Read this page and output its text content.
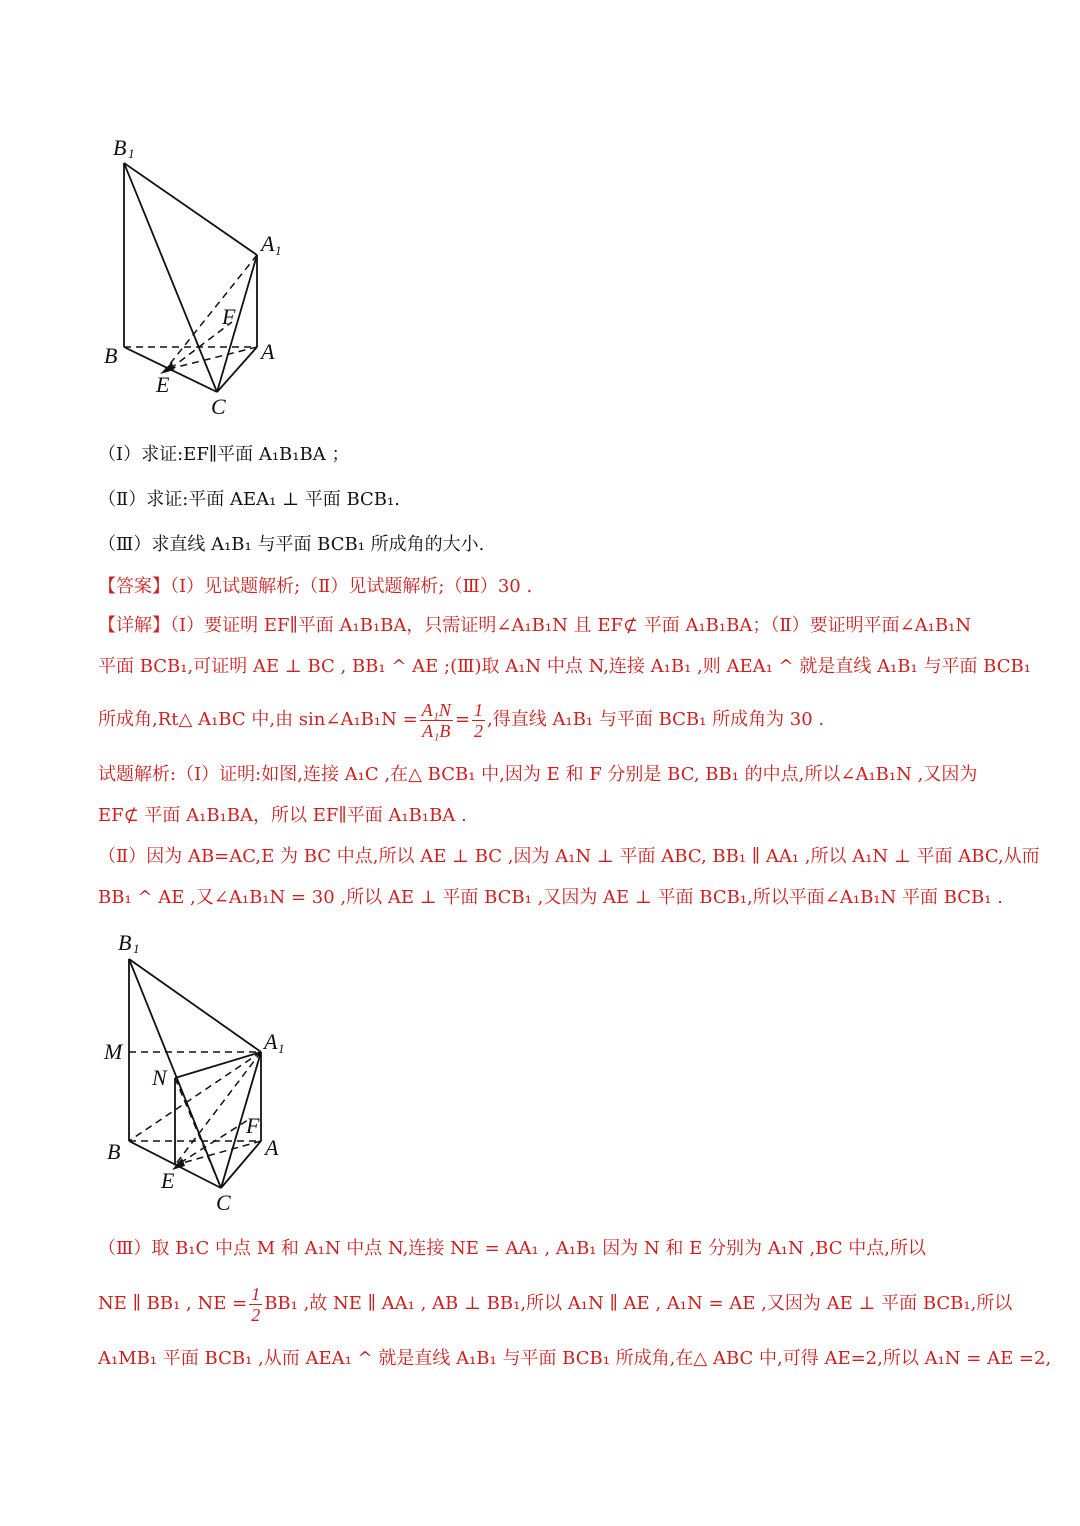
B 1
A 1
B	A
F
E
C
（Ⅰ）求证:EF∥平面 A₁B₁BA ；
（Ⅱ）求证:平面 AEA₁ ⊥ 平面 BCB₁.
（Ⅲ）求直线 A₁B₁ 与平面 BCB₁ 所成角的大小.
【答案】（Ⅰ）见试题解析;（Ⅱ）见试题解析;（Ⅲ）30 .
【详解】（Ⅰ）要证明 EF∥平面 A₁B₁BA，只需证明∠A₁B₁N 且 EF⊄ 平面 A₁B₁BA；（Ⅱ）要证明平面∠A₁B₁N
平面 BCB₁,可证明 AE ⊥ BC , BB₁ ^ AE ;(Ⅲ)取 A₁N 中点 N,连接 A₁B₁ ,则 AEA₁ ^ 就是直线 A₁B₁ 与平面 BCB₁
所成角,Rt△ A₁BC 中,由 sin∠A₁B₁N = $\frac{\text{A₁N}}{\text{A₁B}} = \frac{1}{2}$ ,得直线 A₁B₁ 与平面 BCB₁ 所成角为 30 .
试题解析:（Ⅰ）证明:如图,连接 A₁C ,在△ BCB₁ 中,因为 E 和 F 分别是 BC, BB₁ 的中点,所以∠A₁B₁N ,又因为
EF⊄ 平面 A₁B₁BA，所以 EF∥平面 A₁B₁BA .
（Ⅱ）因为 AB=AC,E 为 BC 中点,所以 AE ⊥ BC ,因为 A₁N ⊥ 平面 ABC, BB₁ ∥ AA₁ ,所以 A₁N ⊥ 平面 ABC,从而
BB₁ ^ AE ,又∠A₁B₁N = 30 ,所以 AE ⊥ 平面 BCB₁ ,又因为 AE ⊥ 平面 BCB₁,所以平面∠A₁B₁N 平面 BCB₁ .
B 1
A 1
M
N
F
B	A
E
C
（Ⅲ）取 B₁C 中点 M 和 A₁N 中点 N,连接 NE = AA₁ , A₁B₁ 因为 N 和 E 分别为 A₁N ,BC 中点,所以
NE ∥ BB₁ , NE = $\frac{1}{2} BB_1$ ,故 NE ∥ AA₁ , AB ⊥ BB₁,所以 A₁N ∥ AE , A₁N = AE ,又因为 AE ⊥ 平面 BCB₁,所以
A₁MB₁ 平面 BCB₁ ,从而 AEA₁ ^ 就是直线 A₁B₁ 与平面 BCB₁ 所成角,在△ ABC 中,可得 AE=2,所以 A₁N = AE =2,
